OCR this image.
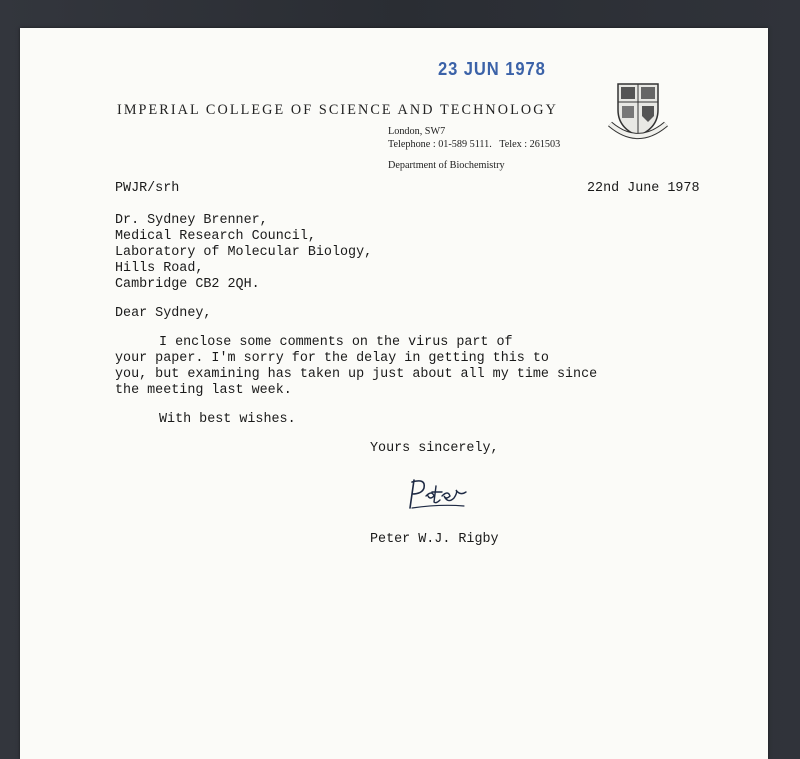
23 JUN 1978
IMPERIAL COLLEGE OF SCIENCE AND TECHNOLOGY
London, SW7
Telephone : 01-589 5111. Telex : 261503
Department of Biochemistry
PWJR/srh	22nd June 1978
Dr. Sydney Brenner,
Medical Research Council,
Laboratory of Molecular Biology,
Hills Road,
Cambridge CB2 2QH.
Dear Sydney,
I enclose some comments on the virus part of
your paper. I'm sorry for the delay in getting this to
you, but examining has taken up just about all my time since
the meeting last week.
With best wishes.
Yours sincerely,
Peter W.J. Rigby
